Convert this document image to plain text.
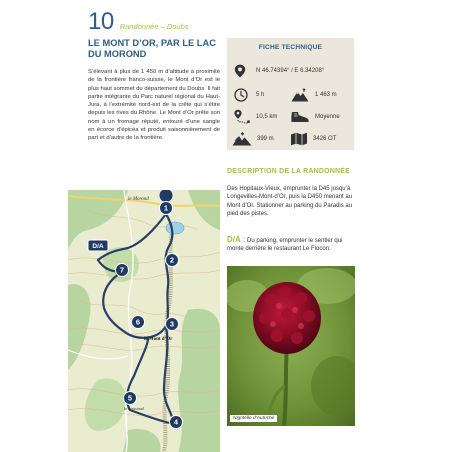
10 Randonnée – Doubs
LE MONT D’OR, PAR LE LAC DU MOROND

S’élevant à plus de 1 450 m d’altitude à proximité de la frontière franco-suisse, le Mont d’Or est le plus haut sommet du département du Doubs. Il fait partie intégrante du Parc naturel régional du Haut-Jura, à l’extrémité nord-est de la crête qui s’étire depuis les rives du Rhône. Le Mont d’Or prête son nom à un fromage réputé, entouré d’une sangle en écorce d’épicéa et produit saisonnièrement de part et d’autre de la frontière.

FICHE TECHNIQUE
N 46.74394° / E 6.34208°
5 h	1 463 m
10,5 km	Moyenne
399 m	3426 OT
DESCRIPTION DE LA RANDONNÉE

Des Hopitaux-Vieux, emprunter la D45 jusqu’à Longevilles-Mont-d’Or, puis la D450 menant au Mont d’Or. Stationner au parking du Paradis au pied des pistes.

D/A : Du parking, emprunter le sentier qui monte derrière le restaurant Le Flocon.

1
2
3
4
5
6
7
D/A
le Morond
le Mont d’Or
le Boissiaud
Nigritelle d’Autriche
